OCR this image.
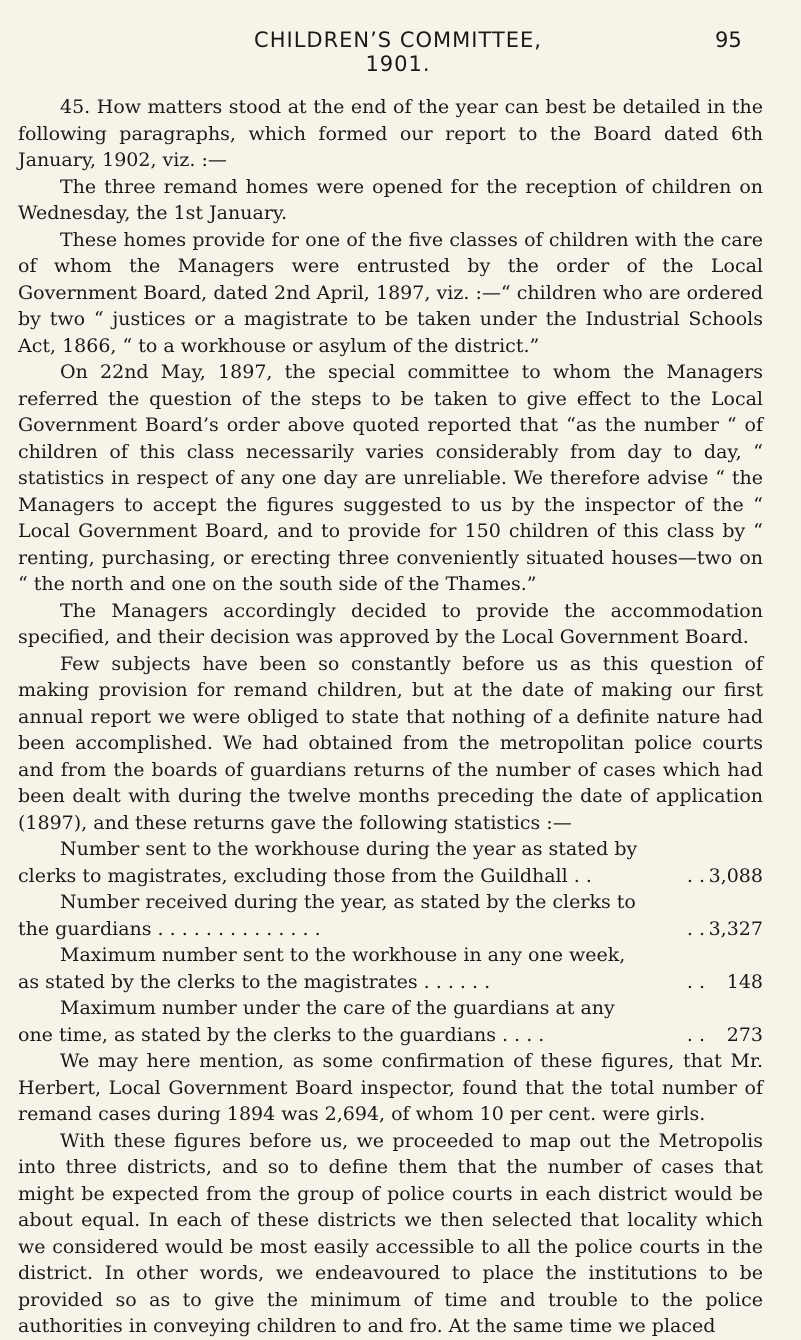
CHILDREN’S COMMITTEE, 1901.
95

45. How matters stood at the end of the year can best be detailed in the following paragraphs, which formed our report to the Board dated 6th January, 1902, viz. :—

The three remand homes were opened for the reception of children on Wednesday, the 1st January.

These homes provide for one of the five classes of children with the care of whom the Managers were entrusted by the order of the Local Government Board, dated 2nd April, 1897, viz. :—“ children who are ordered by two “ justices or a magistrate to be taken under the Industrial Schools Act, 1866, “ to a workhouse or asylum of the district.”

On 22nd May, 1897, the special committee to whom the Managers referred the question of the steps to be taken to give effect to the Local Government Board’s order above quoted reported that “as the number “ of children of this class necessarily varies considerably from day to day, “ statistics in respect of any one day are unreliable. We therefore advise “ the Managers to accept the figures suggested to us by the inspector of the “ Local Government Board, and to provide for 150 children of this class by “ renting, purchasing, or erecting three conveniently situated houses—two on “ the north and one on the south side of the Thames.”

The Managers accordingly decided to provide the accommodation specified, and their decision was approved by the Local Government Board.

Few subjects have been so constantly before us as this question of making provision for remand children, but at the date of making our first annual report we were obliged to state that nothing of a definite nature had been accomplished. We had obtained from the metropolitan police courts and from the boards of guardians returns of the number of cases which had been dealt with during the twelve months preceding the date of application (1897), and these returns gave the following statistics :—

Number sent to the workhouse during the year as stated by
clerks to magistrates, excluding those from the Guildhall . .	. . 3,088
Number received during the year, as stated by the clerks to
the guardians . . . . . . . . . . . . . .	. . 3,327
Maximum number sent to the workhouse in any one week,
as stated by the clerks to the magistrates . . . . . .	. .	148
Maximum number under the care of the guardians at any
one time, as stated by the clerks to the guardians . . . .	. .	273

We may here mention, as some confirmation of these figures, that Mr. Herbert, Local Government Board inspector, found that the total number of remand cases during 1894 was 2,694, of whom 10 per cent. were girls.

With these figures before us, we proceeded to map out the Metropolis into three districts, and so to define them that the number of cases that might be expected from the group of police courts in each district would be about equal. In each of these districts we then selected that locality which we considered would be most easily accessible to all the police courts in the district. In other words, we endeavoured to place the institutions to be provided so as to give the minimum of time and trouble to the police authorities in conveying children to and fro. At the same time we placed
